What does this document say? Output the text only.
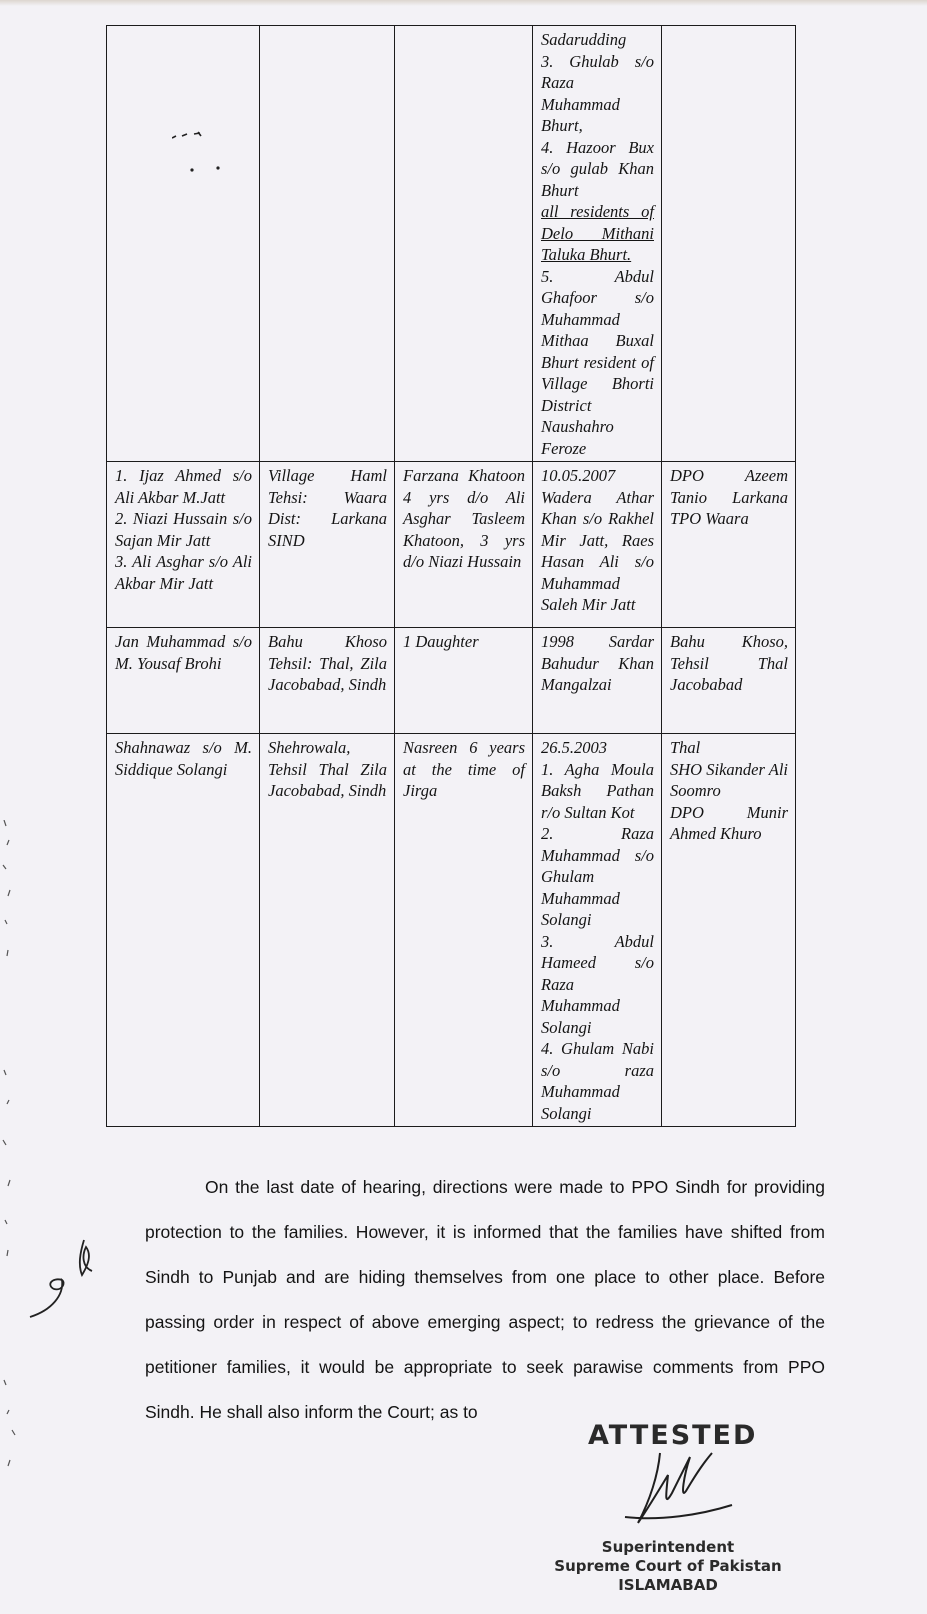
			Sadarudding
3. Ghulab s/o Raza Muhammad Bhurt,
4. Hazoor Bux s/o gulab Khan Bhurt
all residents of Delo Mithani Taluka Bhurt.
5. Abdul Ghafoor s/o Muhammad Mithaa Buxal Bhurt resident of Village Bhorti District Naushahro Feroze	

1. Ijaz Ahmed s/o Ali Akbar M.Jatt
2. Niazi Hussain s/o Sajan Mir Jatt
3. Ali Asghar s/o Ali Akbar Mir Jatt	Village Haml Tehsi: Waara Dist: Larkana SIND	Farzana Khatoon 4 yrs d/o Ali Asghar Tasleem Khatoon, 3 yrs d/o Niazi Hussain	10.05.2007 Wadera Athar Khan s/o Rakhel Mir Jatt, Raes Hasan Ali s/o Muhammad Saleh Mir Jatt	DPO Azeem Tanio Larkana TPO Waara

Jan Muhammad s/o M. Yousaf Brohi	Bahu Khoso Tehsil: Thal, Zila Jacobabad, Sindh	1 Daughter	1998 Sardar Bahudur Khan Mangalzai	Bahu Khoso, Tehsil Thal Jacobabad

Shahnawaz s/o M. Siddique Solangi	Shehrowala, Tehsil Thal Zila Jacobabad, Sindh	Nasreen 6 years at the time of Jirga	26.5.2003
1. Agha Moula Baksh Pathan r/o Sultan Kot
2. Raza Muhammad s/o Ghulam Muhammad Solangi
3. Abdul Hameed s/o Raza Muhammad Solangi
4. Ghulam Nabi s/o raza Muhammad Solangi	Thal
SHO Sikander Ali Soomro
DPO Munir Ahmed Khuro
On the last date of hearing, directions were made to PPO Sindh for providing protection to the families. However, it is informed that the families have shifted from Sindh to Punjab and are hiding themselves from one place to other place. Before passing order in respect of above emerging aspect; to redress the grievance of the petitioner families, it would be appropriate to seek parawise comments from PPO Sindh. He shall also inform the Court; as to
ATTESTED
Superintendent
Supreme Court of Pakistan
ISLAMABAD
